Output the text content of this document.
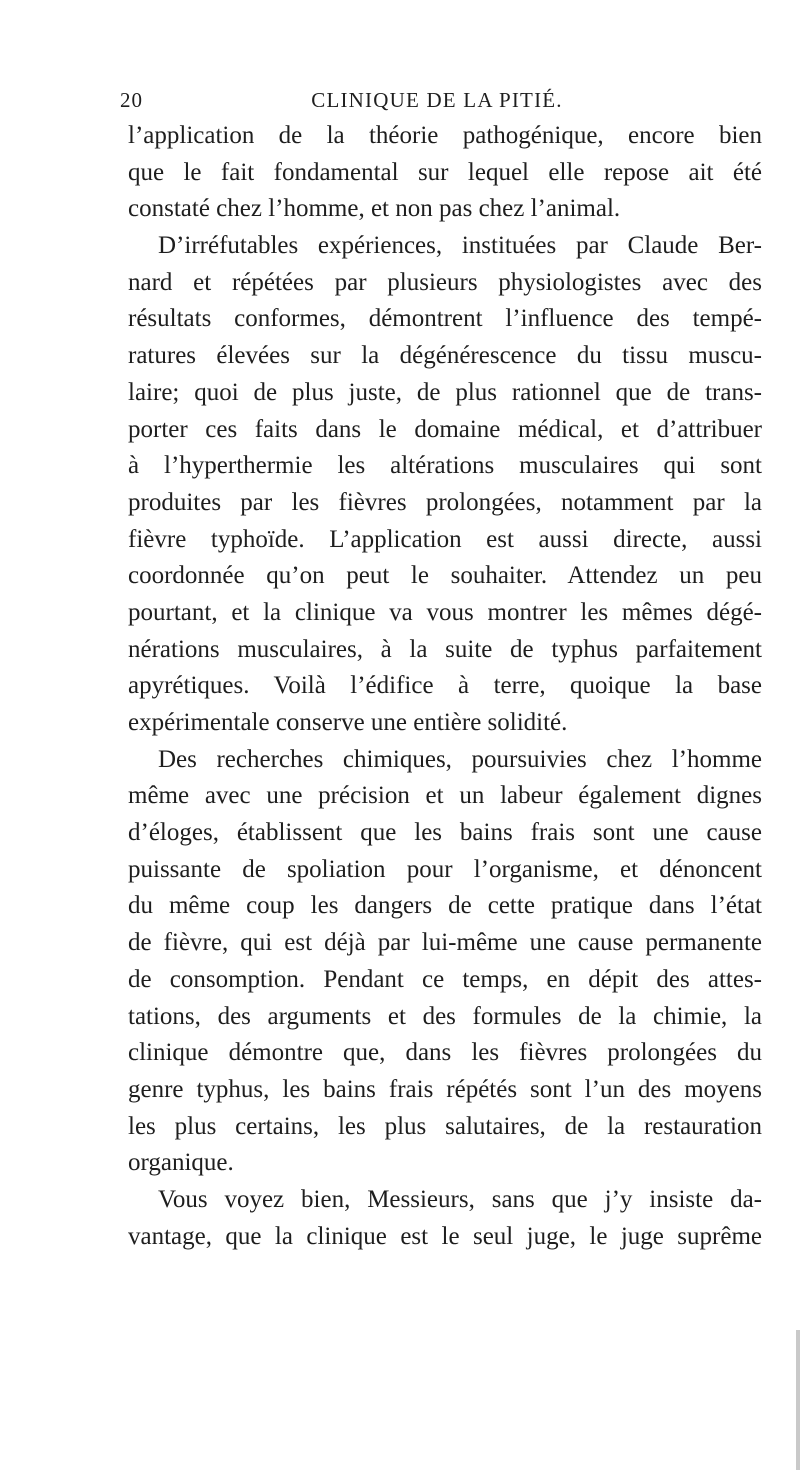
20	CLINIQUE DE LA PITIÉ.
l’application de la théorie pathogénique, encore bien
que le fait fondamental sur lequel elle repose ait été
constaté chez l’homme, et non pas chez l’animal.
D’irréfutables expériences, instituées par Claude Ber-
nard et répétées par plusieurs physiologistes avec des
résultats conformes, démontrent l’influence des tempé-
ratures élevées sur la dégénérescence du tissu muscu-
laire; quoi de plus juste, de plus rationnel que de trans-
porter ces faits dans le domaine médical, et d’attribuer
à l’hyperthermie les altérations musculaires qui sont
produites par les fièvres prolongées, notamment par la
fièvre typhoïde. L’application est aussi directe, aussi
coordonnée qu’on peut le souhaiter. Attendez un peu
pourtant, et la clinique va vous montrer les mêmes dégé-
nérations musculaires, à la suite de typhus parfaitement
apyrétiques. Voilà l’édifice à terre, quoique la base
expérimentale conserve une entière solidité.
Des recherches chimiques, poursuivies chez l’homme
même avec une précision et un labeur également dignes
d’éloges, établissent que les bains frais sont une cause
puissante de spoliation pour l’organisme, et dénoncent
du même coup les dangers de cette pratique dans l’état
de fièvre, qui est déjà par lui-même une cause permanente
de consomption. Pendant ce temps, en dépit des attes-
tations, des arguments et des formules de la chimie, la
clinique démontre que, dans les fièvres prolongées du
genre typhus, les bains frais répétés sont l’un des moyens
les plus certains, les plus salutaires, de la restauration
organique.
Vous voyez bien, Messieurs, sans que j’y insiste da-
vantage, que la clinique est le seul juge, le juge suprême
